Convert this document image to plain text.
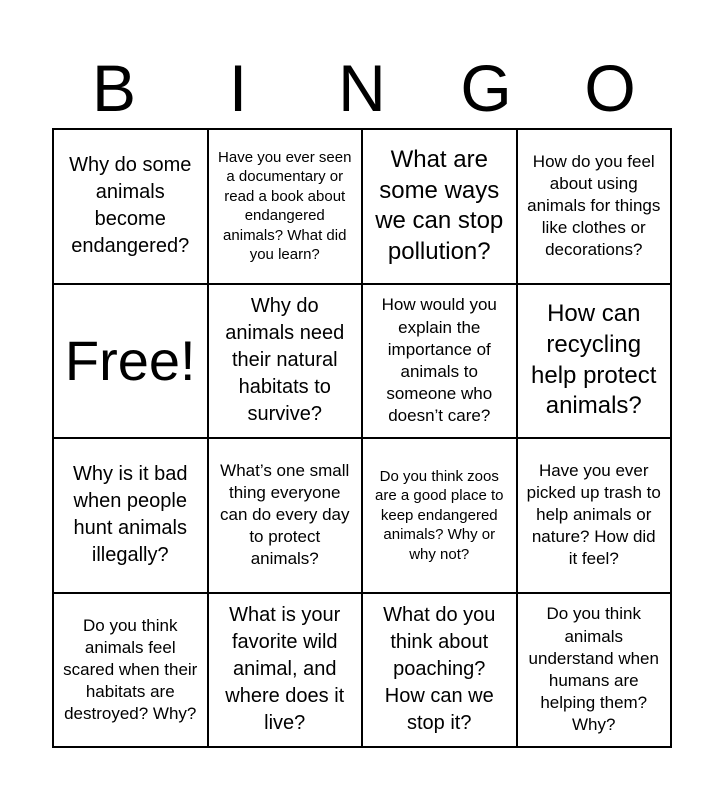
B	I	N	G	O
Why do some animals become endangered?
Have you ever seen a documentary or read a book about endangered animals? What did you learn?
What are some ways we can stop pollution?
How do you feel about using animals for things like clothes or decorations?
Free!
Why do animals need their natural habitats to survive?
How would you explain the importance of animals to someone who doesn’t care?
How can recycling help protect animals?
Why is it bad when people hunt animals illegally?
What’s one small thing everyone can do every day to protect animals?
Do you think zoos are a good place to keep endangered animals? Why or why not?
Have you ever picked up trash to help animals or nature? How did it feel?
Do you think animals feel scared when their habitats are destroyed? Why?
What is your favorite wild animal, and where does it live?
What do you think about poaching? How can we stop it?
Do you think animals understand when humans are helping them? Why?
